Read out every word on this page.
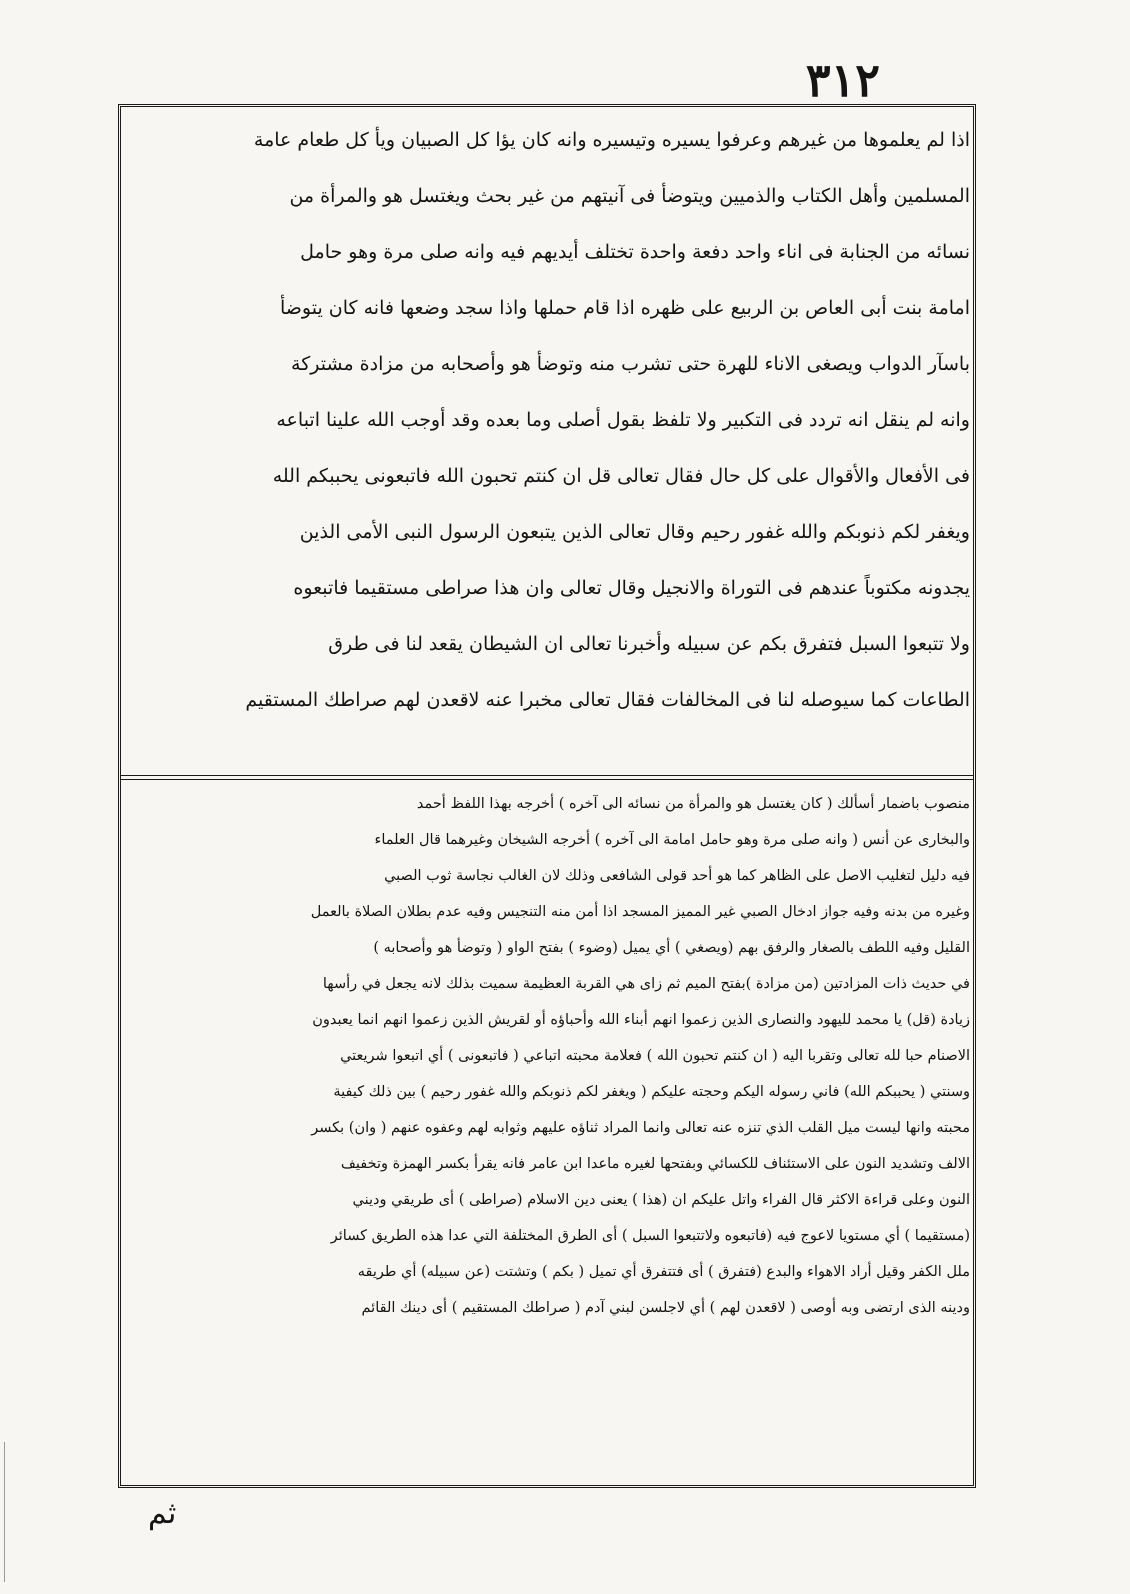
٣١٢
اذا لم يعلموها من غيرهم وعرفوا يسيره وتيسيره وانه كان يؤا كل الصبيان ويأ كل طعام عامة
المسلمين وأهل الكتاب والذميين ويتوضأ فى آنيتهم من غير بحث ويغتسل هو والمرأة من
نسائه من الجنابة فى اناء واحد دفعة واحدة تختلف أيديهم فيه وانه صلى مرة وهو حامل
امامة بنت أبى العاص بن الربيع على ظهره اذا قام حملها واذا سجد وضعها فانه كان يتوضأ
باسآر الدواب ويصغى الاناء للهرة حتى تشرب منه وتوضأ هو وأصحابه من مزادة مشتركة
وانه لم ينقل انه تردد فى التكبير ولا تلفظ بقول أصلى وما بعده وقد أوجب الله علينا اتباعه
فى الأفعال والأقوال على كل حال فقال تعالى قل ان كنتم تحبون الله فاتبعونى يحببكم الله
ويغفر لكم ذنوبكم والله غفور رحيم وقال تعالى الذين يتبعون الرسول النبى الأمى الذين
يجدونه مكتوباً عندهم فى التوراة والانجيل وقال تعالى وان هذا صراطى مستقيما فاتبعوه
ولا تتبعوا السبل فتفرق بكم عن سبيله وأخبرنا تعالى ان الشيطان يقعد لنا فى طرق
الطاعات كما سيوصله لنا فى المخالفات فقال تعالى مخبرا عنه لاقعدن لهم صراطك المستقيم
منصوب باضمار أسألك ( كان يغتسل هو والمرأة من نسائه الى آخره ) أخرجه بهذا اللفظ أحمد
والبخارى عن أنس ( وانه صلى مرة وهو حامل امامة الى آخره ) أخرجه الشيخان وغيرهما قال العلماء
فيه دليل لتغليب الاصل على الظاهر كما هو أحد قولى الشافعى وذلك لان الغالب نجاسة ثوب الصبي
وغيره من بدنه وفيه جواز ادخال الصبي غير المميز المسجد اذا أمن منه التنجيس وفيه عدم بطلان الصلاة بالعمل
القليل وفيه اللطف بالصغار والرفق بهم (ويصغي ) أي يميل (وضوء ) بفتح الواو ( وتوضأ هو وأصحابه )
في حديث ذات المزادتين (من مزادة )بفتح الميم ثم زاى هي القربة العظيمة سميت بذلك لانه يجعل في رأسها
زيادة (قل) يا محمد لليهود والنصارى الذين زعموا انهم أبناء الله وأحباؤه أو لقريش الذين زعموا انهم انما يعبدون
الاصنام حبا لله تعالى وتقربا اليه ( ان كنتم تحبون الله ) فعلامة محبته اتباعي ( فاتبعونى ) أي اتبعوا شريعتي
وسنتي ( يحببكم الله) فاني رسوله اليكم وحجته عليكم ( ويغفر لكم ذنوبكم والله غفور رحيم ) بين ذلك كيفية
محبته وانها ليست ميل القلب الذي تنزه عنه تعالى وانما المراد ثناؤه عليهم وثوابه لهم وعفوه عنهم ( وان) بكسر
الالف وتشديد النون على الاستئناف للكسائي وبفتحها لغيره ماعدا ابن عامر فانه يقرأ بكسر الهمزة وتخفيف
النون وعلى قراءة الاكثر قال الفراء واتل عليكم ان (هذا ) يعنى دين الاسلام (صراطى ) أى طريقي وديني
(مستقيما ) أي مستويا لاعوج فيه (فاتبعوه ولاتتبعوا السبل ) أى الطرق المختلفة التي عدا هذه الطريق كسائر
ملل الكفر وقيل أراد الاهواء والبدع (فتفرق ) أى فتتفرق أي تميل ( بكم ) وتشتت (عن سبيله) أي طريقه
ودينه الذى ارتضى وبه أوصى ( لاقعدن لهم ) أي لاجلسن لبني آدم ( صراطك المستقيم ) أى دينك القائم
ثم
